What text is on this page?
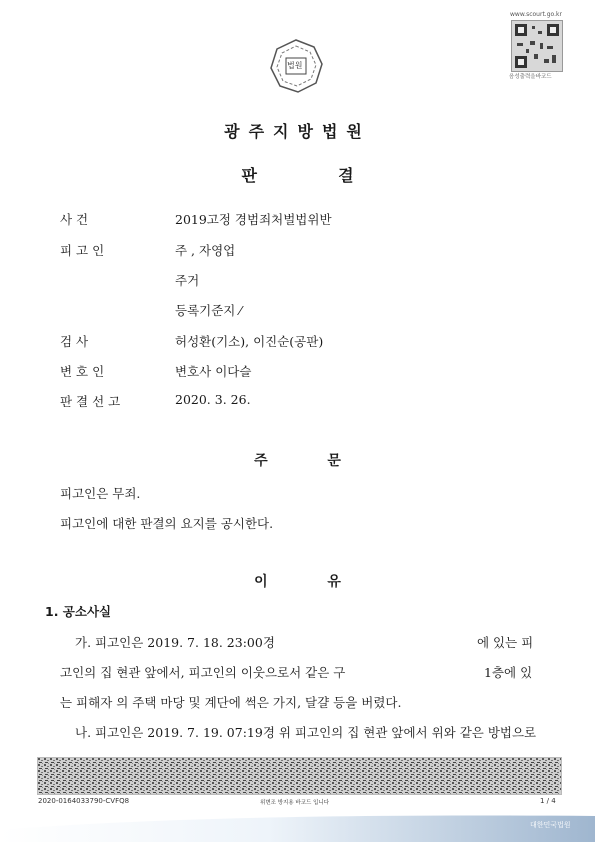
www.scourt.go.kr
음성출력을바코드
법원
광주지방법원
판	결
사 건	2019고정 경범죄처벌법위반
피 고 인	주 , 자영업
주거
등록기준지 ⁄
검 사	허성환(기소), 이진순(공판)
변 호 인	변호사 이다슬
판 결 선 고	2020. 3. 26.
주	문
피고인은 무죄.
피고인에 대한 판결의 요지를 공시한다.
이	유
1. 공소사실
가. 피고인은 2019. 7. 18. 23:00경	에 있는 피
고인의 집 현관 앞에서, 피고인의 이웃으로서 같은 구	1층에 있
는 피해자 의 주택 마당 및 계단에 썩은 가지, 달걀 등을 버렸다.
나. 피고인은 2019. 7. 19. 07:19경 위 피고인의 집 현관 앞에서 위와 같은 방법으로
2020-0164033790-CVFQ8	위변조 방지용 바코드 입니다	1 / 4
대한민국법원
